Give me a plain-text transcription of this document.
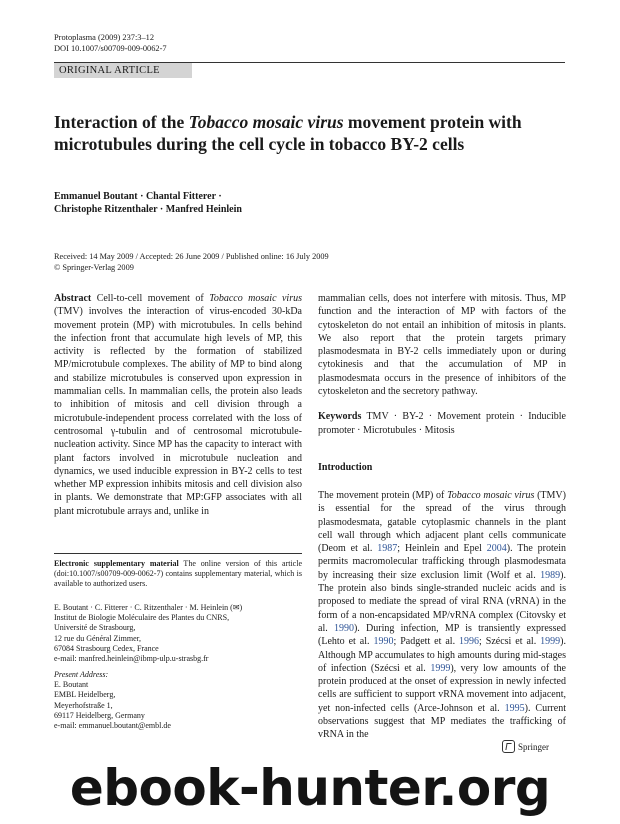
Protoplasma (2009) 237:3–12
DOI 10.1007/s00709-009-0062-7
ORIGINAL ARTICLE
Interaction of the Tobacco mosaic virus movement protein with microtubules during the cell cycle in tobacco BY-2 cells
Emmanuel Boutant · Chantal Fitterer ·
Christophe Ritzenthaler · Manfred Heinlein
Received: 14 May 2009 / Accepted: 26 June 2009 / Published online: 16 July 2009
© Springer-Verlag 2009
Abstract Cell-to-cell movement of Tobacco mosaic virus (TMV) involves the interaction of virus-encoded 30-kDa movement protein (MP) with microtubules. In cells behind the infection front that accumulate high levels of MP, this activity is reflected by the formation of stabilized MP/microtubule complexes. The ability of MP to bind along and stabilize microtubules is conserved upon expression in mammalian cells. In mammalian cells, the protein also leads to inhibition of mitosis and cell division through a microtubule-independent process correlated with the loss of centrosomal γ-tubulin and of centrosomal microtubule-nucleation activity. Since MP has the capacity to interact with plant factors involved in microtubule nucleation and dynamics, we used inducible expression in BY-2 cells to test whether MP expression inhibits mitosis and cell division also in plants. We demonstrate that MP:GFP associates with all plant microtubule arrays and, unlike in
mammalian cells, does not interfere with mitosis. Thus, MP function and the interaction of MP with factors of the cytoskeleton do not entail an inhibition of mitosis in plants. We also report that the protein targets primary plasmodesmata in BY-2 cells immediately upon or during cytokinesis and that the accumulation of MP in plasmodesmata occurs in the presence of inhibitors of the cytoskeleton and the secretory pathway.
Keywords TMV · BY-2 · Movement protein · Inducible promoter · Microtubules · Mitosis
Electronic supplementary material The online version of this article (doi:10.1007/s00709-009-0062-7) contains supplementary material, which is available to authorized users.
E. Boutant · C. Fitterer · C. Ritzenthaler · M. Heinlein (✉)
Institut de Biologie Moléculaire des Plantes du CNRS,
Université de Strasbourg,
12 rue du Général Zimmer,
67084 Strasbourg Cedex, France
e-mail: manfred.heinlein@ibmp-ulp.u-strasbg.fr
Present Address:
E. Boutant
EMBL Heidelberg,
Meyerhofstraße 1,
69117 Heidelberg, Germany
e-mail: emmanuel.boutant@embl.de
Introduction
The movement protein (MP) of Tobacco mosaic virus (TMV) is essential for the spread of the virus through plasmodesmata, gatable cytoplasmic channels in the plant cell wall through which adjacent plant cells communicate (Deom et al. 1987; Heinlein and Epel 2004). The protein permits macromolecular trafficking through plasmodesmata by increasing their size exclusion limit (Wolf et al. 1989). The protein also binds single-stranded nucleic acids and is proposed to mediate the spread of viral RNA (vRNA) in the form of a non-encapsidated MP/vRNA complex (Citovsky et al. 1990). During infection, MP is transiently expressed (Lehto et al. 1990; Padgett et al. 1996; Szécsi et al. 1999). Although MP accumulates to high amounts during mid-stages of infection (Szécsi et al. 1999), very low amounts of the protein produced at the onset of expression in newly infected cells are sufficient to support vRNA movement into adjacent, yet non-infected cells (Arce-Johnson et al. 1995). Current observations suggest that MP mediates the trafficking of vRNA in the
Springer
ebook-hunter.org
